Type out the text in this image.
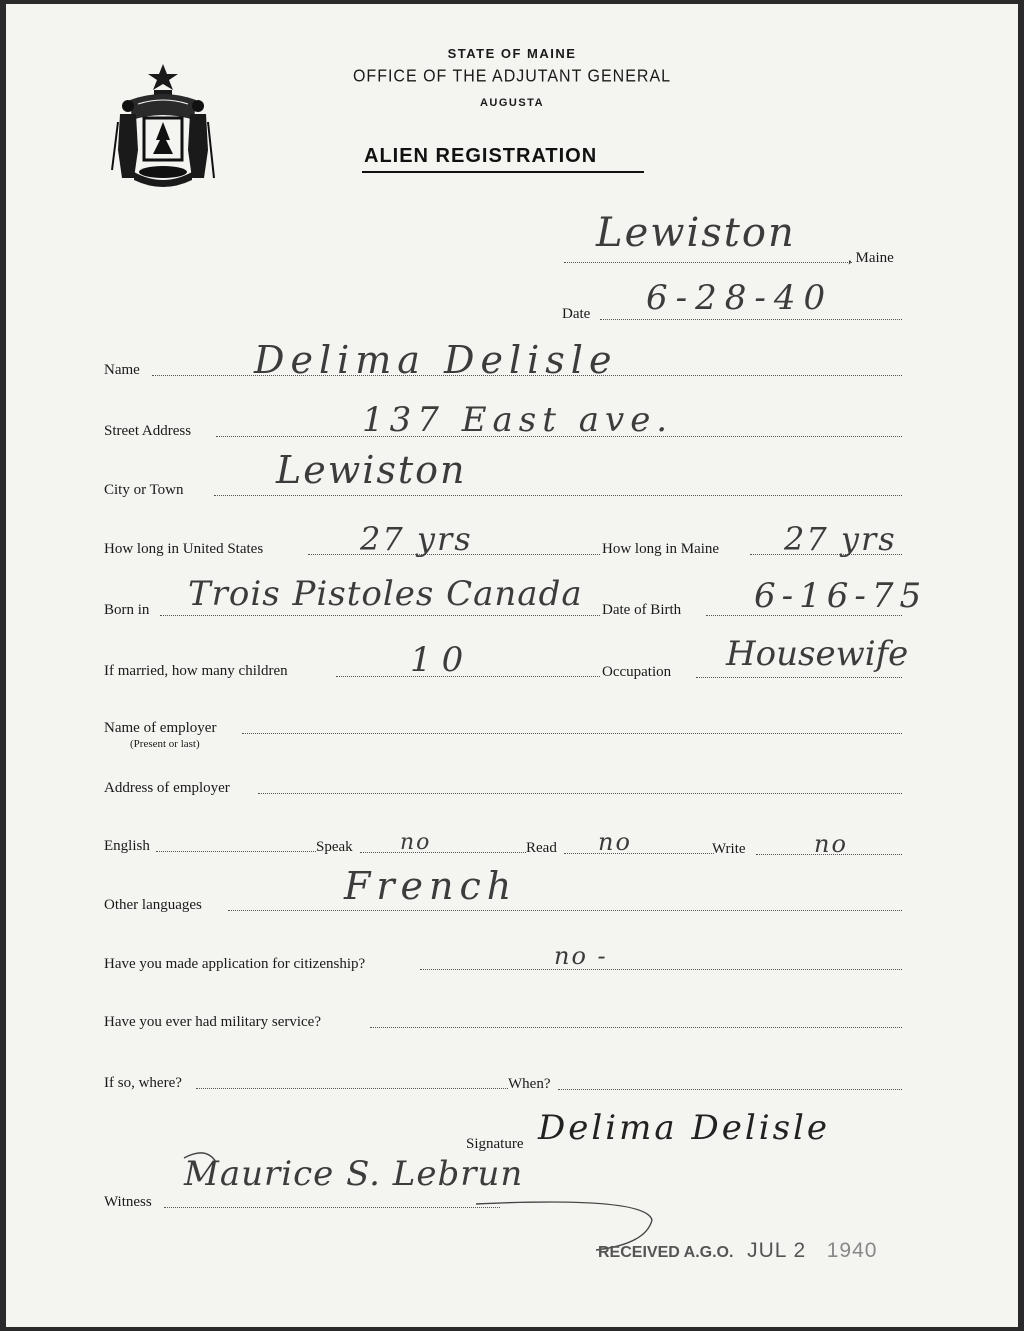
STATE OF MAINE
OFFICE OF THE ADJUTANT GENERAL
AUGUSTA
ALIEN REGISTRATION
Lewiston
, Maine
Date 6-28-40
Name	Delima Delisle
Street Address	137 East ave.
City or Town Lewiston
How long in United States	27 yrs	How long in Maine 27 yrs
Born in Trois Pistoles Canada Date of Birth 6-16-75
If married, how many children	10	Occupation Housewife
Name of employer
(Present or last)
Address of employer
English	Speak no	Read no	Write	no
Other languages	French
Have you made application for citizenship?	no -
Have you ever had military service?
If so, where?	When?
Signature Delima Delisle
Witness
Maurice S. Lebrun
RECEIVED A.G.O. JUL 2 1940
